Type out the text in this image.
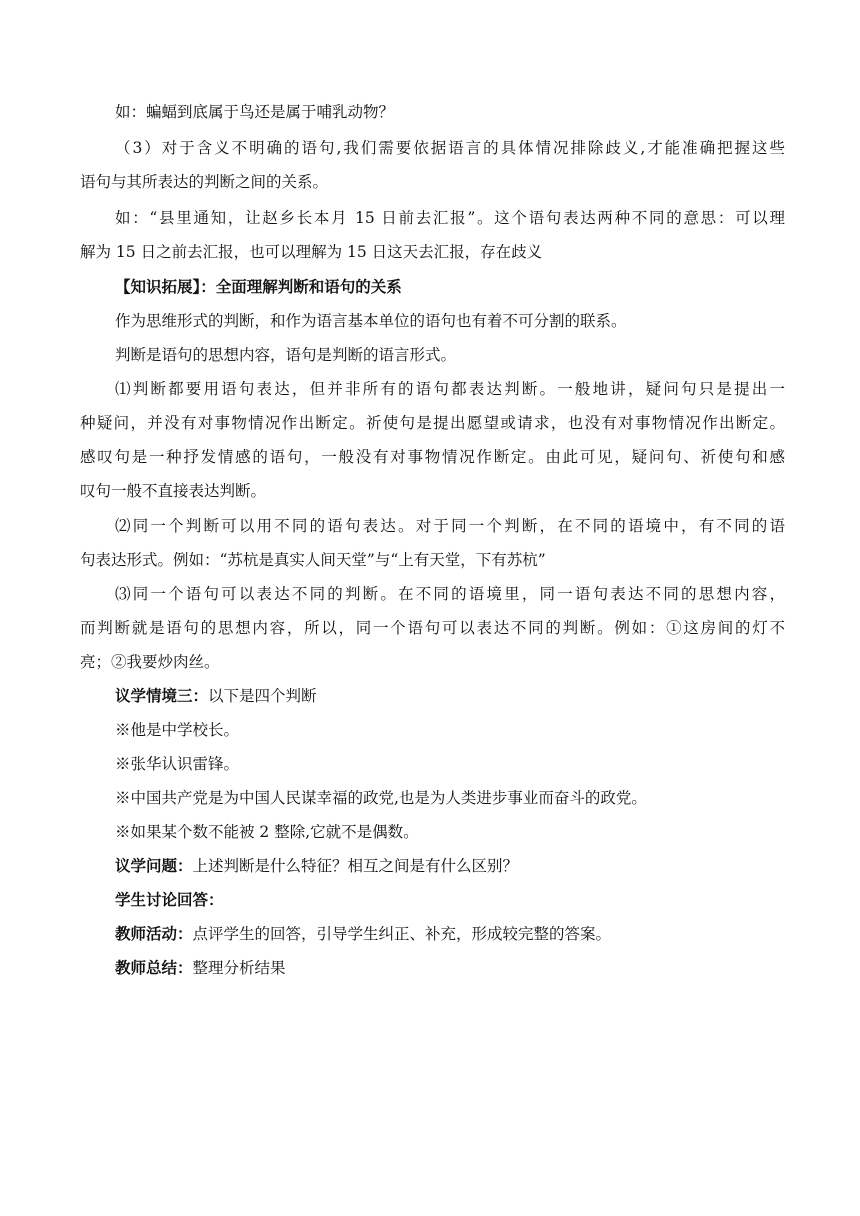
如：蝙蝠到底属于鸟还是属于哺乳动物？
（3）对于含义不明确的语句,我们需要依据语言的具体情况排除歧义,才能准确把握这些
语句与其所表达的判断之间的关系。
如：“县里通知，让赵乡长本月 15 日前去汇报”。这个语句表达两种不同的意思：可以理
解为 15 日之前去汇报，也可以理解为 15 日这天去汇报，存在歧义
【知识拓展】：全面理解判断和语句的关系
作为思维形式的判断，和作为语言基本单位的语句也有着不可分割的联系。
判断是语句的思想内容，语句是判断的语言形式。
⑴判断都要用语句表达，但并非所有的语句都表达判断。一般地讲，疑问句只是提出一
种疑问，并没有对事物情况作出断定。祈使句是提出愿望或请求，也没有对事物情况作出断定。
感叹句是一种抒发情感的语句，一般没有对事物情况作断定。由此可见，疑问句、祈使句和感
叹句一般不直接表达判断。
⑵同一个判断可以用不同的语句表达。对于同一个判断，在不同的语境中，有不同的语
句表达形式。例如：“苏杭是真实人间天堂”与“上有天堂，下有苏杭”
⑶同一个语句可以表达不同的判断。在不同的语境里，同一语句表达不同的思想内容，
而判断就是语句的思想内容，所以，同一个语句可以表达不同的判断。例如：①这房间的灯不
亮；②我要炒肉丝。
议学情境三：以下是四个判断
※他是中学校长。
※张华认识雷锋。
※中国共产党是为中国人民谋幸福的政党,也是为人类进步事业而奋斗的政党。
※如果某个数不能被 2 整除,它就不是偶数。
议学问题：上述判断是什么特征？相互之间是有什么区别？
学生讨论回答：
教师活动：点评学生的回答，引导学生纠正、补充，形成较完整的答案。
教师总结：整理分析结果
